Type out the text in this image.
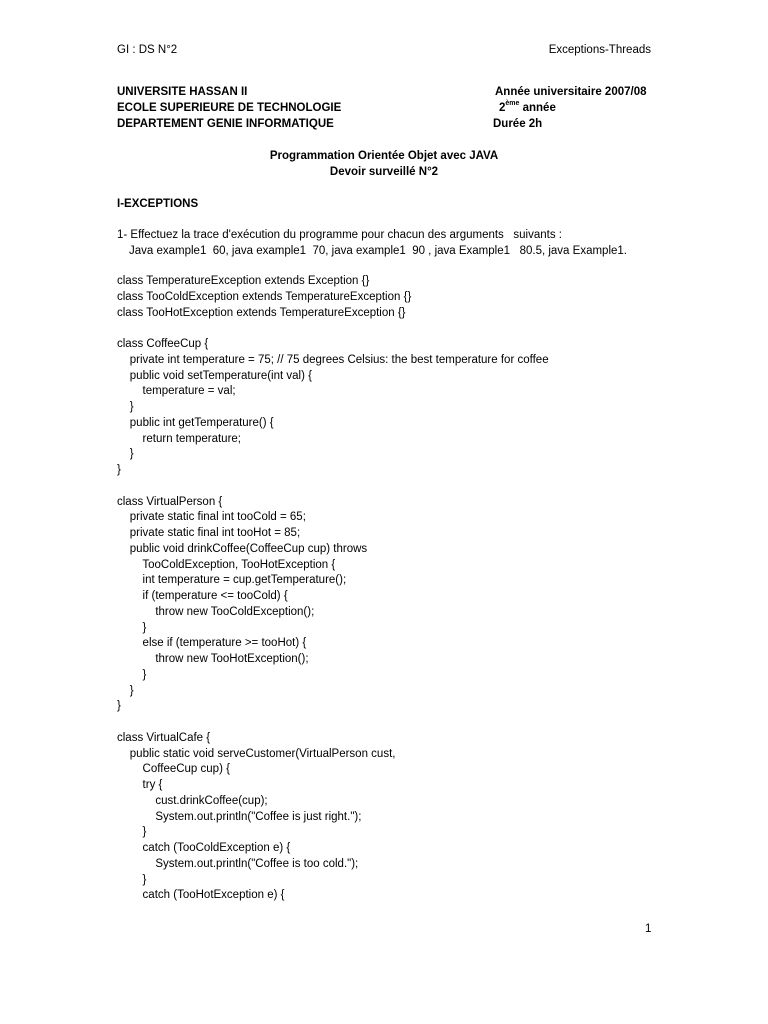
GI : DS N°2	Exceptions-Threads
UNIVERSITE HASSAN II
ECOLE SUPERIEURE DE TECHNOLOGIE
DEPARTEMENT GENIE INFORMATIQUE
Année universitaire 2007/08
2ème année
Durée 2h
Programmation Orientée Objet avec JAVA
Devoir surveillé N°2
I-EXCEPTIONS
1- Effectuez la trace d'exécution du programme pour chacun des arguments   suivants :
Java example1  60, java example1  70, java example1  90 , java Example1   80.5, java Example1.
class TemperatureException extends Exception {}
class TooColdException extends TemperatureException {}
class TooHotException extends TemperatureException {}
class CoffeeCup {
private int temperature = 75; // 75 degrees Celsius: the best temperature for coffee
public void setTemperature(int val) {
temperature = val;
}
public int getTemperature() {
return temperature;
}
}
class VirtualPerson {
private static final int tooCold = 65;
private static final int tooHot = 85;
public void drinkCoffee(CoffeeCup cup) throws
TooColdException, TooHotException {
int temperature = cup.getTemperature();
if (temperature <= tooCold) {
throw new TooColdException();
}
else if (temperature >= tooHot) {
throw new TooHotException();
}
}
}
class VirtualCafe {
public static void serveCustomer(VirtualPerson cust,
CoffeeCup cup) {
try {
cust.drinkCoffee(cup);
System.out.println("Coffee is just right.");
}
catch (TooColdException e) {
System.out.println("Coffee is too cold.");
}
catch (TooHotException e) {
1
